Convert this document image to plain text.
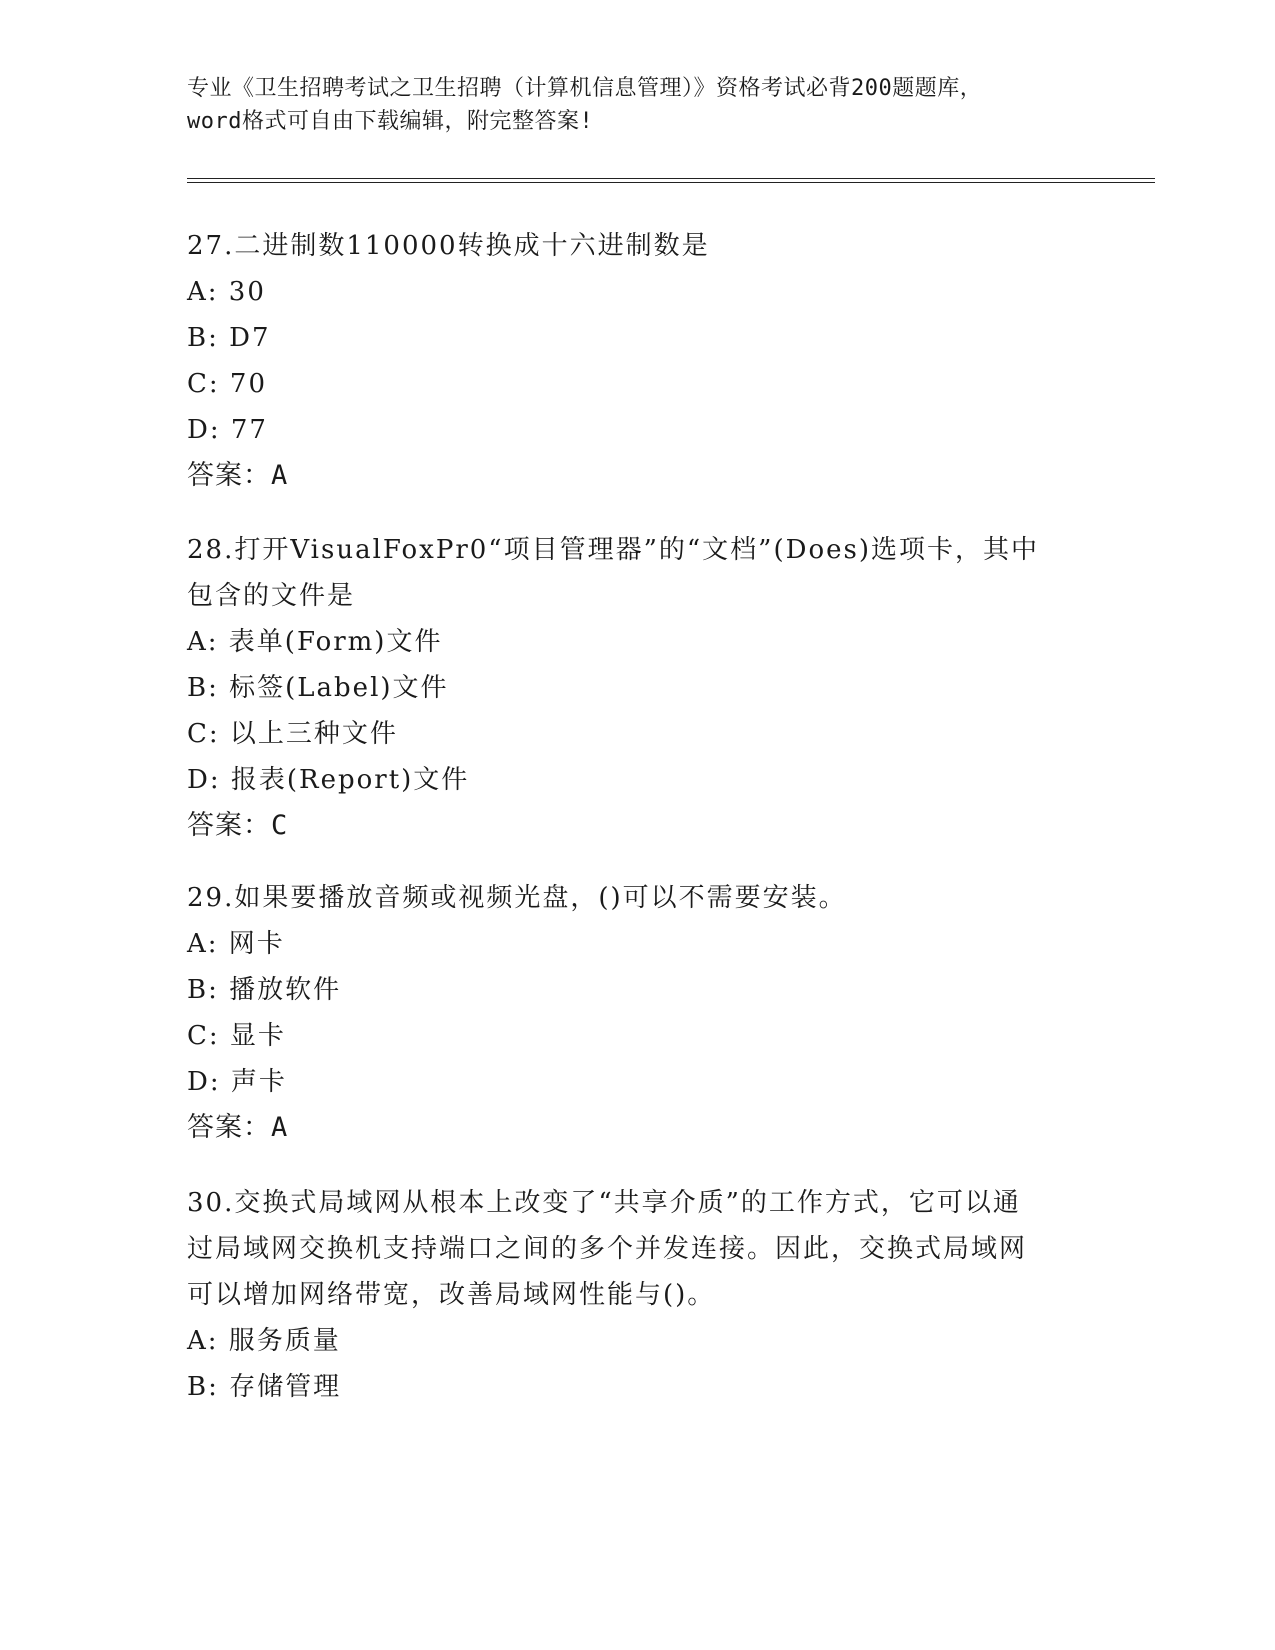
专业《卫生招聘考试之卫生招聘（计算机信息管理）》资格考试必背200题题库，
word格式可自由下载编辑，附完整答案!
27.二进制数110000转换成十六进制数是
A: 30
B: D7
C: 70
D: 77
答案：A
28.打开VisualFoxPr0“项目管理器”的“文档”(Does)选项卡，其中
包含的文件是
A: 表单(Form)文件
B: 标签(Label)文件
C: 以上三种文件
D: 报表(Report)文件
答案：C
29.如果要播放音频或视频光盘，()可以不需要安装。
A: 网卡
B: 播放软件
C: 显卡
D: 声卡
答案：A
30.交换式局域网从根本上改变了“共享介质”的工作方式，它可以通
过局域网交换机支持端口之间的多个并发连接。因此，交换式局域网
可以增加网络带宽，改善局域网性能与()。
A: 服务质量
B: 存储管理
